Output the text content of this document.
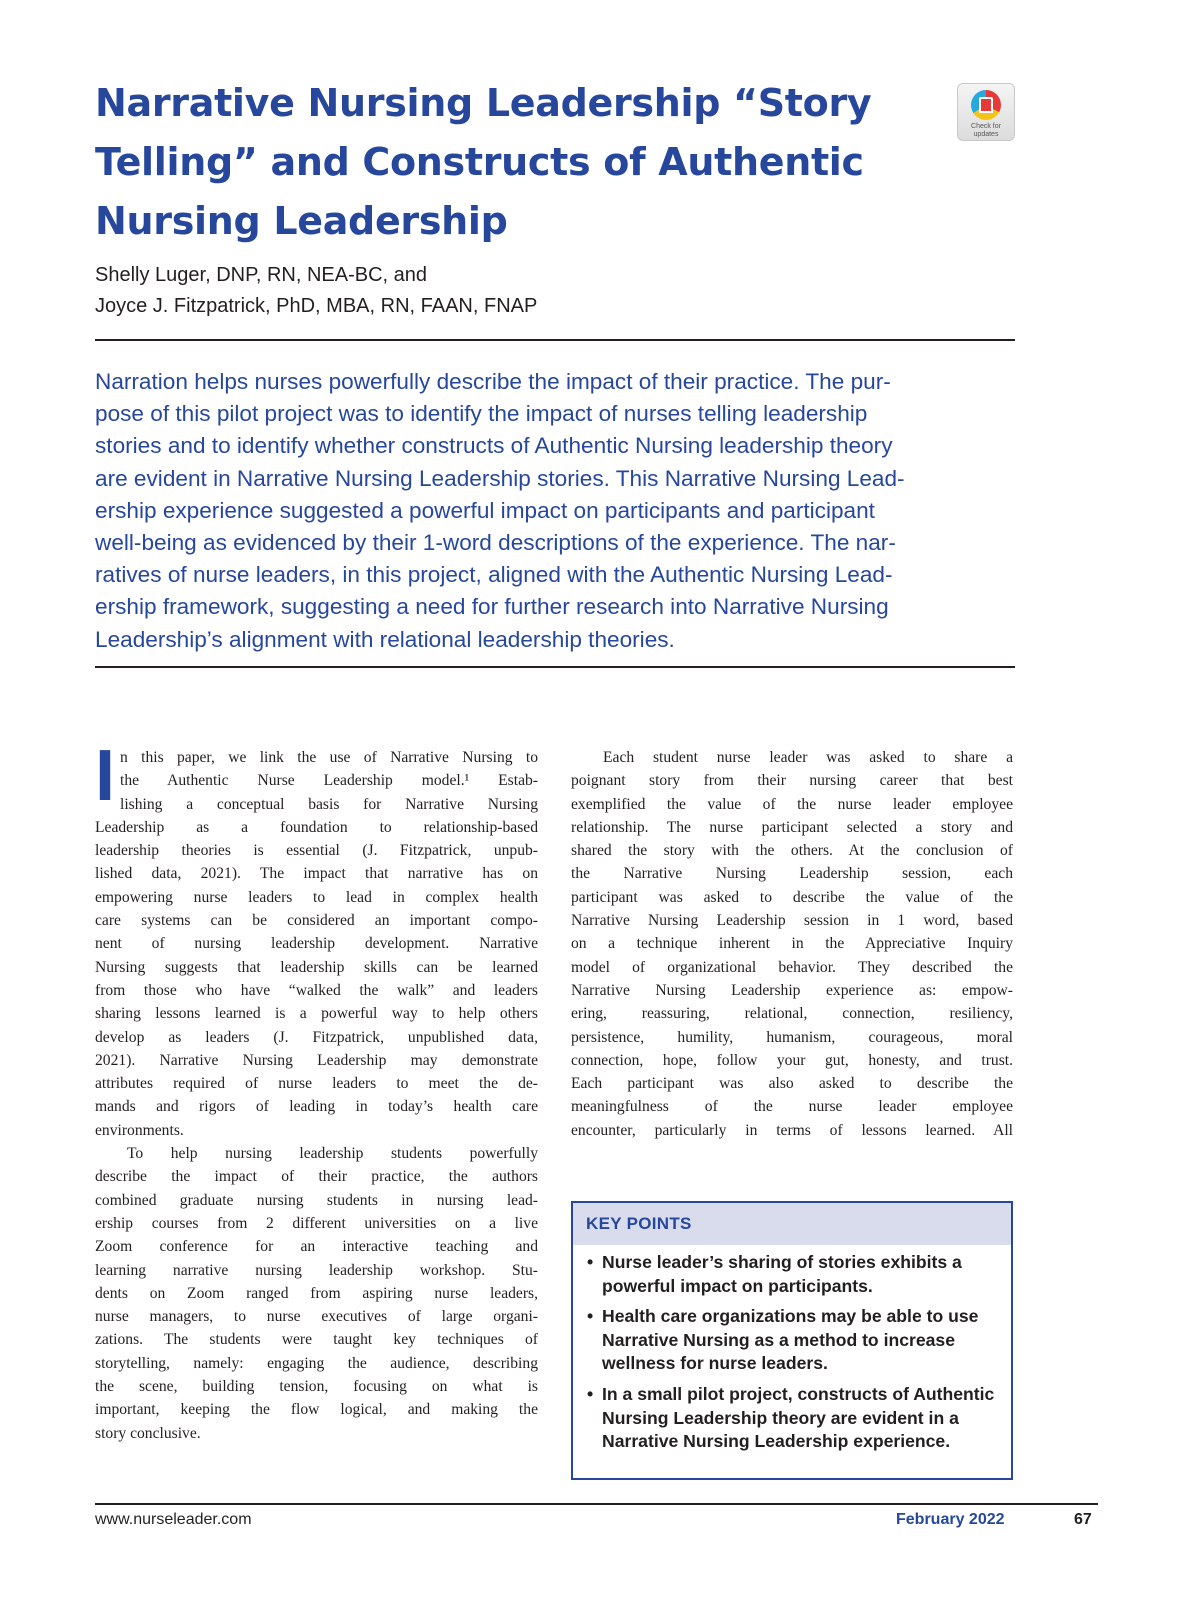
Narrative Nursing Leadership “Story Telling” and Constructs of Authentic Nursing Leadership
Check for updates
Shelly Luger, DNP, RN, NEA-BC, and
Joyce J. Fitzpatrick, PhD, MBA, RN, FAAN, FNAP

Narration helps nurses powerfully describe the impact of their practice. The pur-
pose of this pilot project was to identify the impact of nurses telling leadership
stories and to identify whether constructs of Authentic Nursing leadership theory
are evident in Narrative Nursing Leadership stories. This Narrative Nursing Lead-
ership experience suggested a powerful impact on participants and participant
well-being as evidenced by their 1-word descriptions of the experience. The nar-
ratives of nurse leaders, in this project, aligned with the Authentic Nursing Lead-
ership framework, suggesting a need for further research into Narrative Nursing
Leadership’s alignment with relational leadership theories.

I n this paper, we link the use of Narrative Nursing to
the Authentic Nurse Leadership model.¹ Estab-
lishing a conceptual basis for Narrative Nursing
Leadership as a foundation to relationship-based
leadership theories is essential (J. Fitzpatrick, unpub-
lished data, 2021). The impact that narrative has on
empowering nurse leaders to lead in complex health
care systems can be considered an important compo-
nent of nursing leadership development. Narrative
Nursing suggests that leadership skills can be learned
from those who have “walked the walk” and leaders
sharing lessons learned is a powerful way to help others
develop as leaders (J. Fitzpatrick, unpublished data,
2021). Narrative Nursing Leadership may demonstrate
attributes required of nurse leaders to meet the de-
mands and rigors of leading in today’s health care
environments.

To help nursing leadership students powerfully
describe the impact of their practice, the authors
combined graduate nursing students in nursing lead-
ership courses from 2 different universities on a live
Zoom conference for an interactive teaching and
learning narrative nursing leadership workshop. Stu-
dents on Zoom ranged from aspiring nurse leaders,
nurse managers, to nurse executives of large organi-
zations. The students were taught key techniques of
storytelling, namely: engaging the audience, describing
the scene, building tension, focusing on what is
important, keeping the flow logical, and making the
story conclusive.

Each student nurse leader was asked to share a
poignant story from their nursing career that best
exemplified the value of the nurse leader employee
relationship. The nurse participant selected a story and
shared the story with the others. At the conclusion of
the Narrative Nursing Leadership session, each
participant was asked to describe the value of the
Narrative Nursing Leadership session in 1 word, based
on a technique inherent in the Appreciative Inquiry
model of organizational behavior. They described the
Narrative Nursing Leadership experience as: empow-
ering, reassuring, relational, connection, resiliency,
persistence, humility, humanism, courageous, moral
connection, hope, follow your gut, honesty, and trust.
Each participant was also asked to describe the
meaningfulness of the nurse leader employee
encounter, particularly in terms of lessons learned. All

KEY POINTS
• Nurse leader’s sharing of stories exhibits a powerful impact on participants.
• Health care organizations may be able to use Narrative Nursing as a method to increase wellness for nurse leaders.
• In a small pilot project, constructs of Authentic Nursing Leadership theory are evident in a Narrative Nursing Leadership experience.
www.nurseleader.com	February 2022	67
